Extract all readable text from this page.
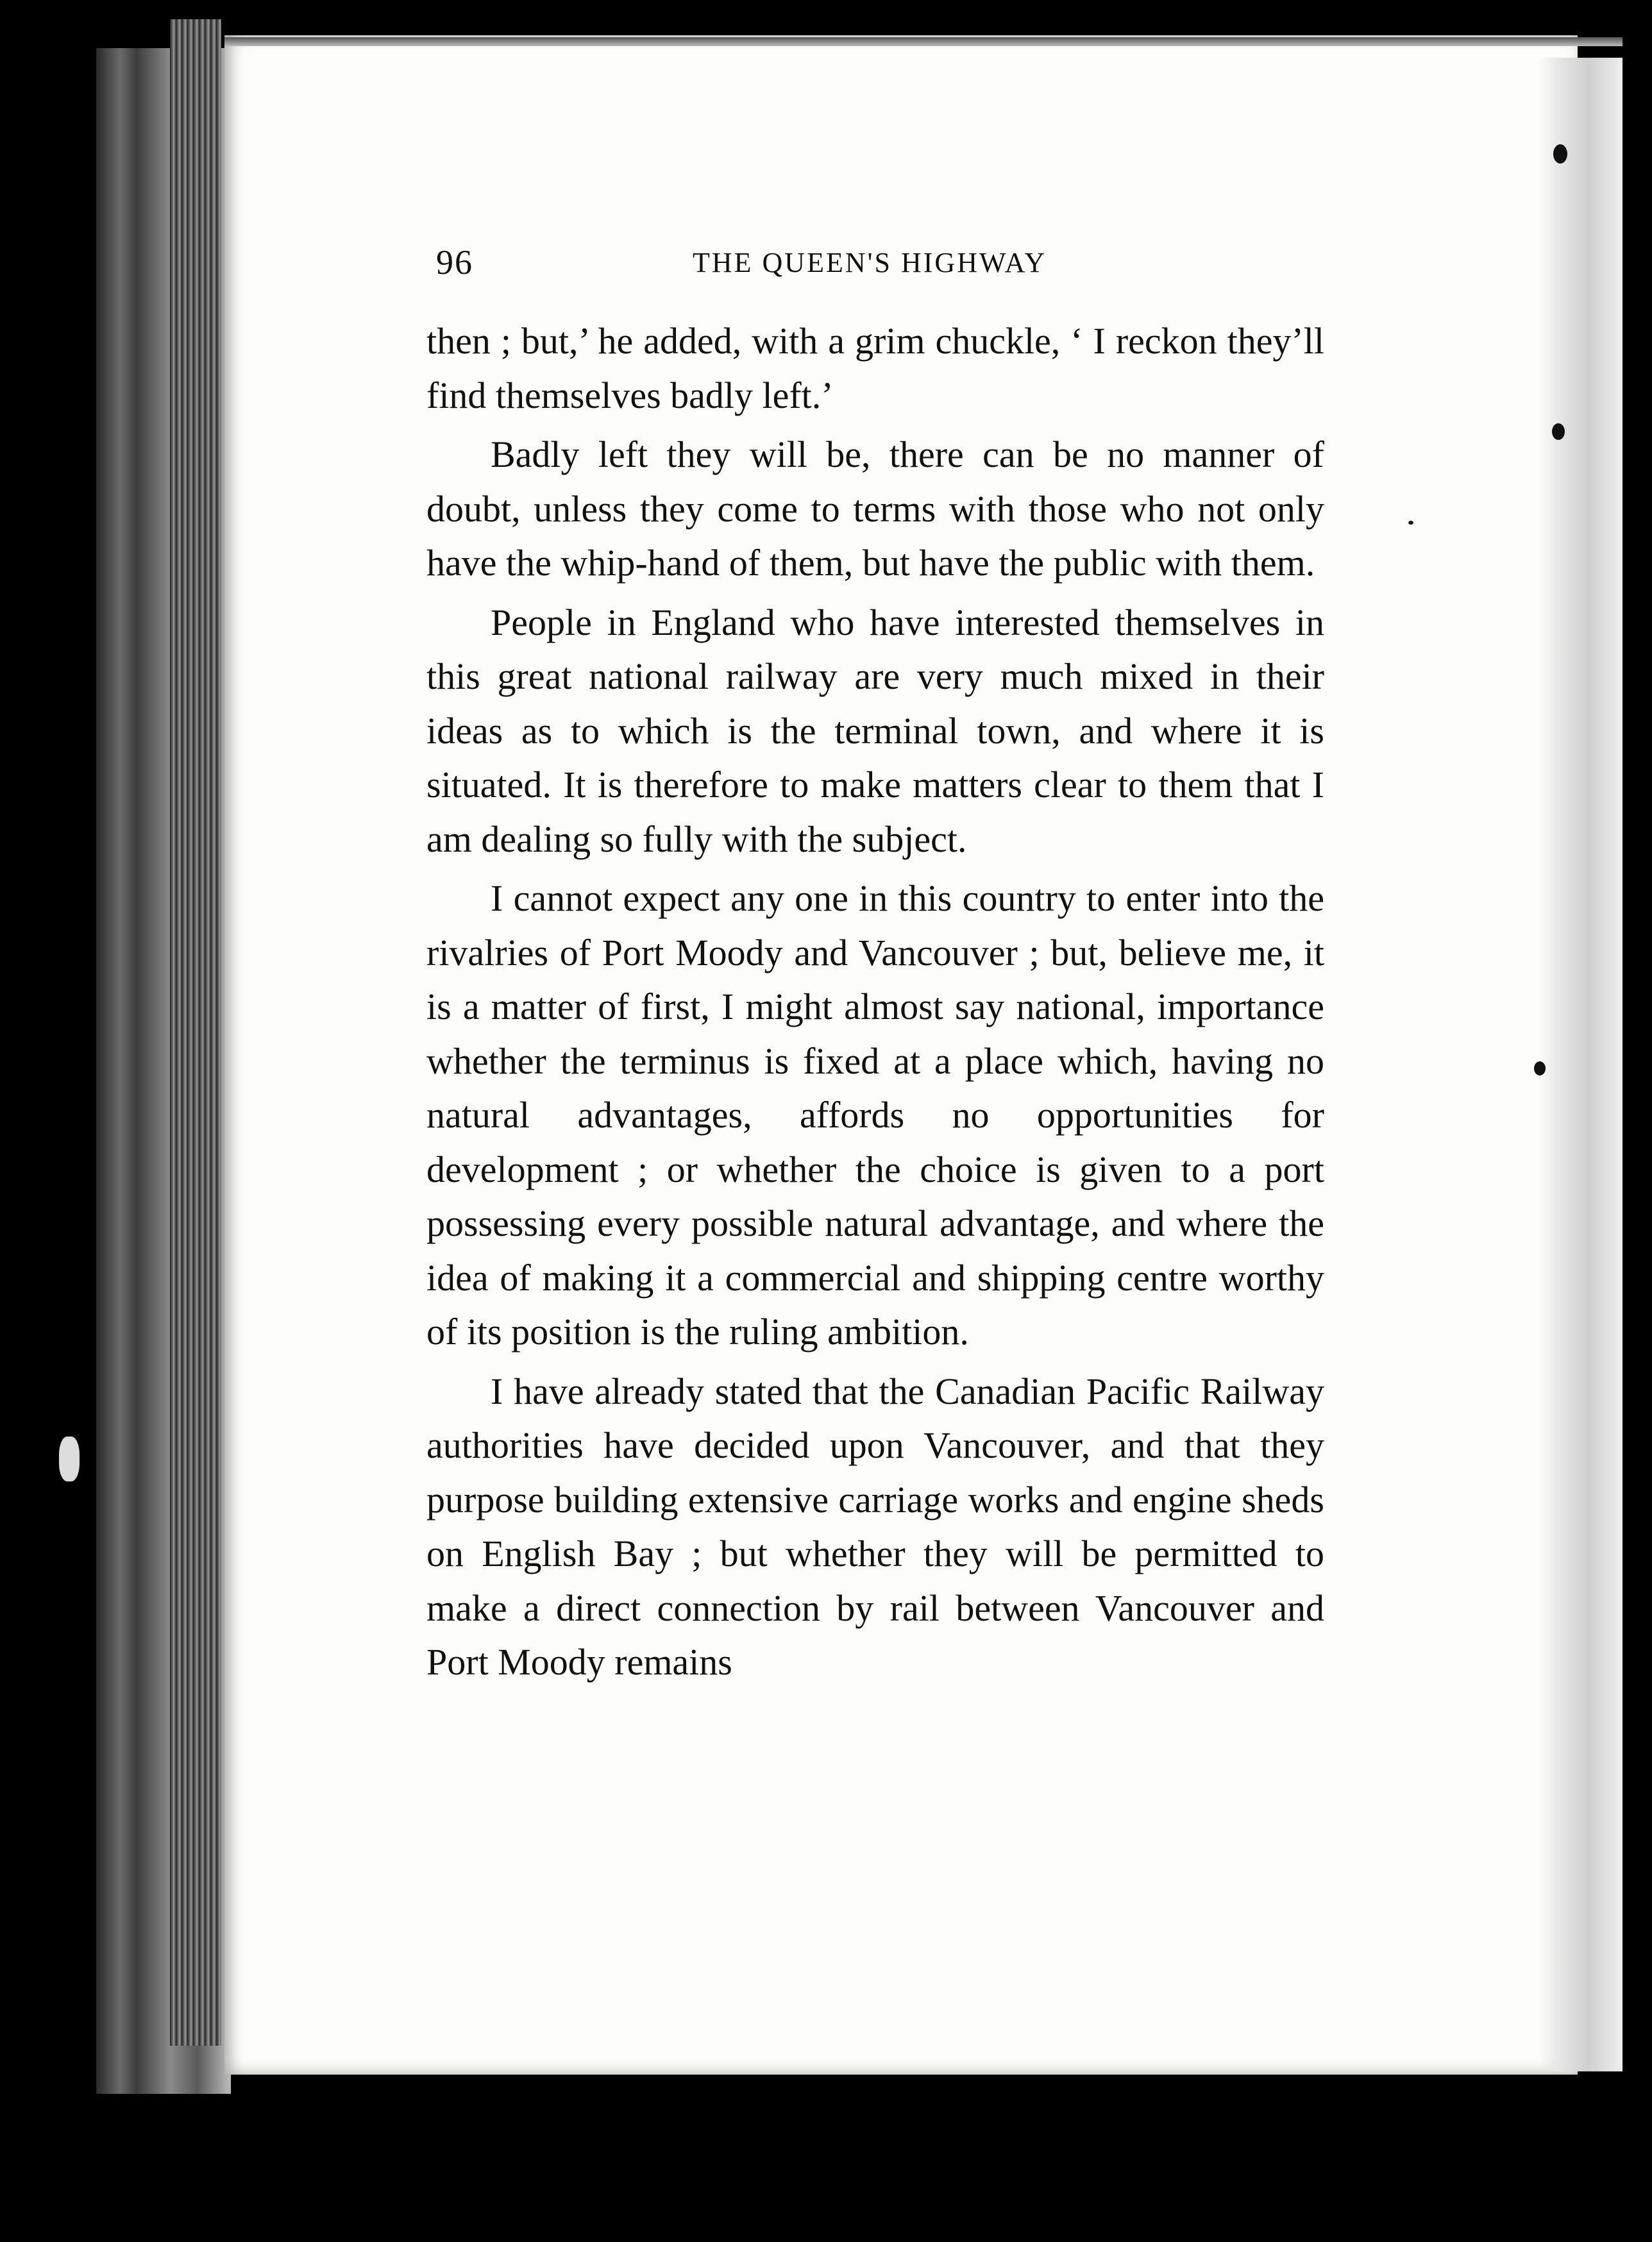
96	THE QUEEN'S HIGHWAY

then ; but,’ he added, with a grim chuckle, ‘ I reckon they’ll find themselves badly left.’

Badly left they will be, there can be no manner of doubt, unless they come to terms with those who not only have the whip-hand of them, but have the public with them.

People in England who have interested themselves in this great national railway are very much mixed in their ideas as to which is the terminal town, and where it is situated. It is therefore to make matters clear to them that I am dealing so fully with the subject.

I cannot expect any one in this country to enter into the rivalries of Port Moody and Vancouver ; but, believe me, it is a matter of first, I might almost say national, importance whether the terminus is fixed at a place which, having no natural advantages, affords no opportunities for development ; or whether the choice is given to a port possessing every possible natural advantage, and where the idea of making it a commercial and shipping centre worthy of its position is the ruling ambition.

I have already stated that the Canadian Pacific Railway authorities have decided upon Vancouver, and that they purpose building extensive carriage works and engine sheds on English Bay ; but whether they will be permitted to make a direct connection by rail between Vancouver and Port Moody remains
